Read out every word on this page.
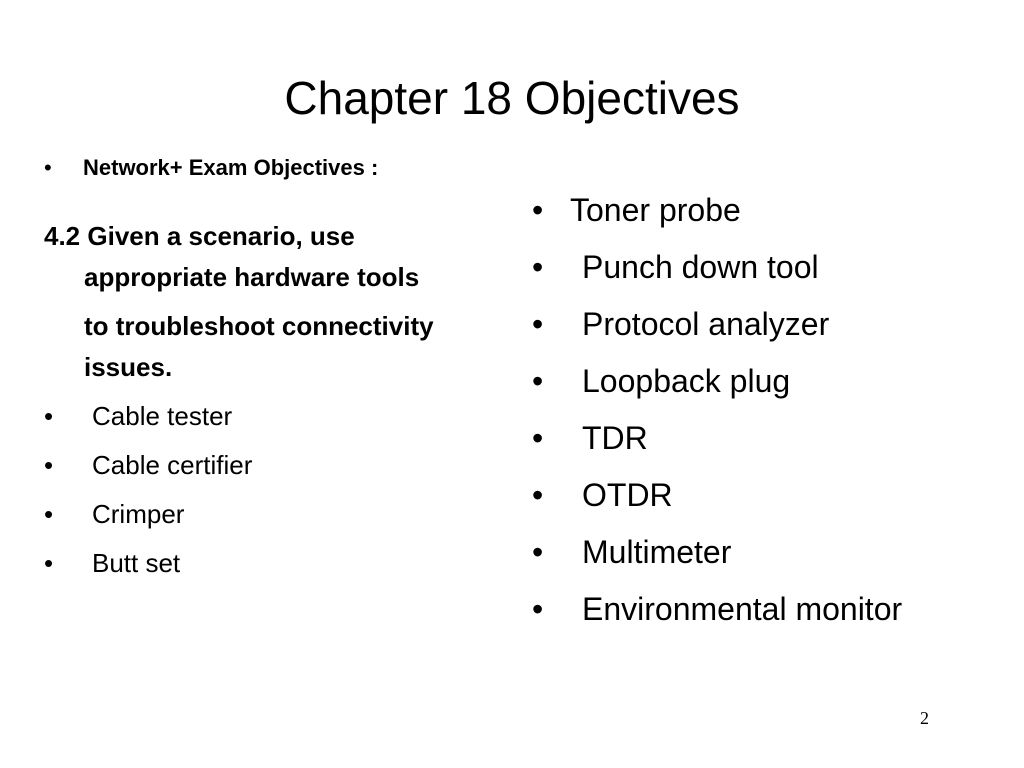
Chapter 18 Objectives
•	Network+ Exam Objectives :
4.2 Given a scenario, use appropriate hardware tools
to troubleshoot connectivity issues.
•	Cable tester
•	Cable certifier
•	Crimper
•	Butt set
• Toner probe
•	Punch down tool
•	Protocol analyzer
•	Loopback plug
•	TDR
•	OTDR
•	Multimeter
•	Environmental monitor
2
